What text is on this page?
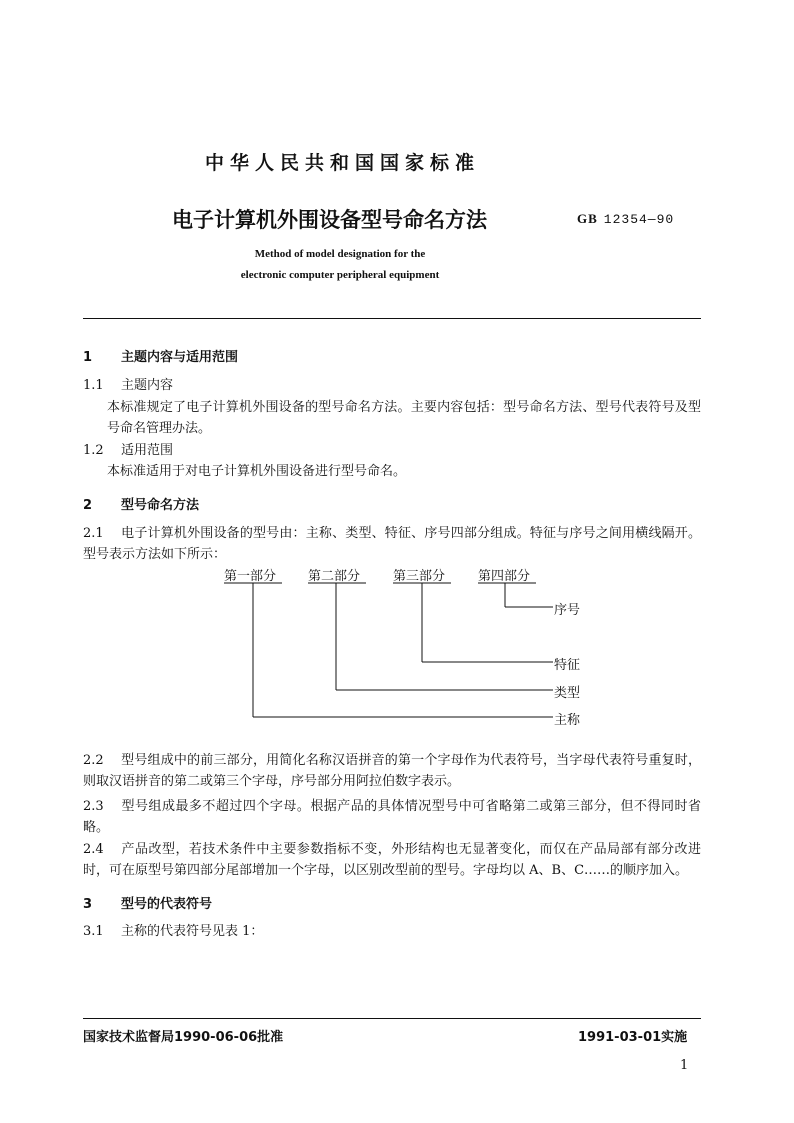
中华人民共和国国家标准
电子计算机外围设备型号命名方法	GB 12354—90
Method of model designation for the
electronic computer peripheral equipment
1 主题内容与适用范围
1.1 主题内容
本标准规定了电子计算机外围设备的型号命名方法。主要内容包括：型号命名方法、型号代表符号及型号命名管理办法。
1.2 适用范围
本标准适用于对电子计算机外围设备进行型号命名。
2 型号命名方法
2.1 电子计算机外围设备的型号由：主称、类型、特征、序号四部分组成。特征与序号之间用横线隔开。型号表示方法如下所示：
第一部分 第二部分	第三部分	第四部分
序号
特征
类型
主称
2.2 型号组成中的前三部分，用简化名称汉语拼音的第一个字母作为代表符号，当字母代表符号重复时，则取汉语拼音的第二或第三个字母，序号部分用阿拉伯数字表示。
2.3 型号组成最多不超过四个字母。根据产品的具体情况型号中可省略第二或第三部分，但不得同时省略。
2.4 产品改型，若技术条件中主要参数指标不变，外形结构也无显著变化，而仅在产品局部有部分改进时，可在原型号第四部分尾部增加一个字母，以区别改型前的型号。字母均以 A、B、C……的顺序加入。
3 型号的代表符号
3.1 主称的代表符号见表 1：
国家技术监督局1990-06-06批准	1991-03-01实施
1
